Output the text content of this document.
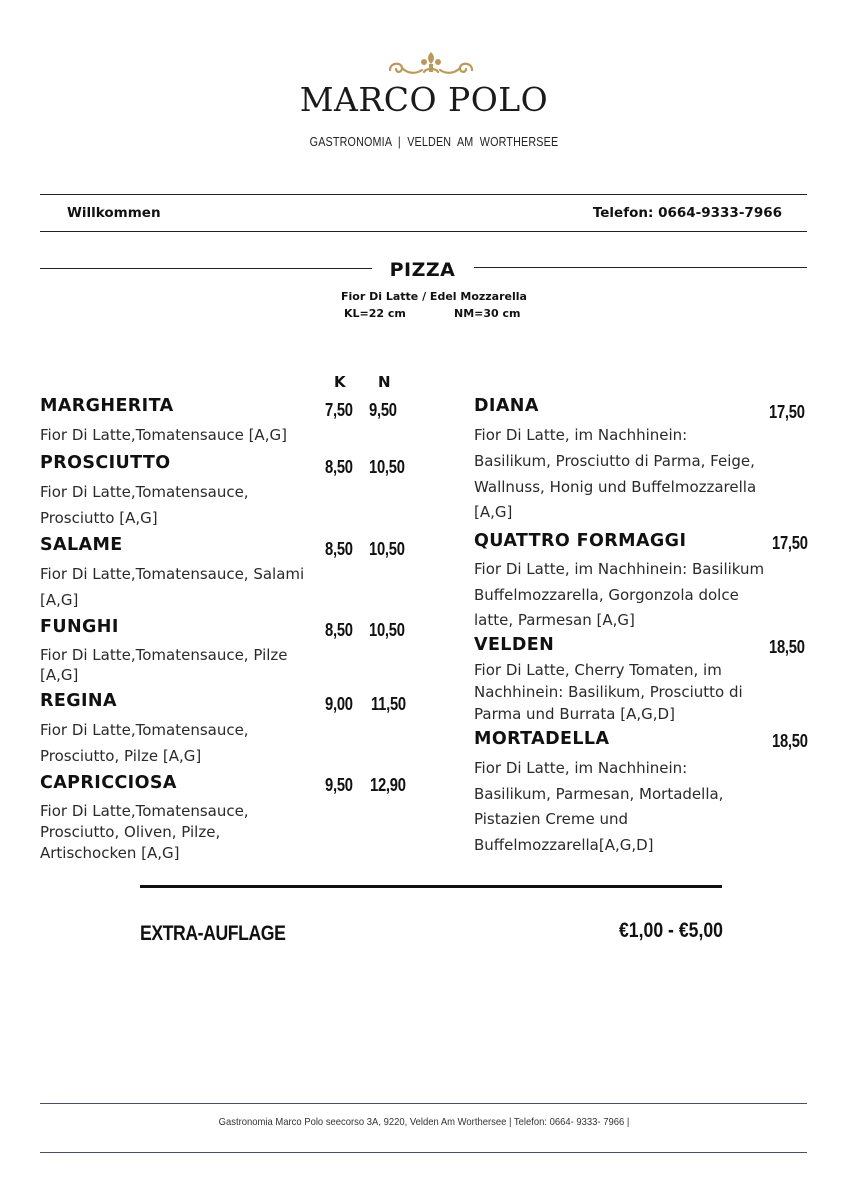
MARCO POLO
GASTRONOMIA  |  VELDEN  AM  WORTHERSEE
Willkommen	Telefon: 0664-9333-7966
PIZZA
Fior Di Latte / Edel Mozzarella
KL=22 cm	NM=30 cm
K N
MARGHERITA	7,50 9,50
Fior Di Latte,Tomatensauce [A,G]
PROSCIUTTO	8,50 10,50
Fior Di Latte,Tomatensauce,
Prosciutto [A,G]
SALAME	8,50 10,50
Fior Di Latte,Tomatensauce, Salami
[A,G]
FUNGHI	8,50 10,50
Fior Di Latte,Tomatensauce, Pilze
[A,G]
REGINA	9,00 11,50
Fior Di Latte,Tomatensauce,
Prosciutto, Pilze [A,G]
CAPRICCIOSA	9,50 12,90
Fior Di Latte,Tomatensauce,
Prosciutto, Oliven, Pilze,
Artischocken [A,G]
DIANA	17,50
Fior Di Latte, im Nachhinein:
Basilikum, Prosciutto di Parma, Feige,
Wallnuss, Honig und Buffelmozzarella
[A,G]
QUATTRO FORMAGGI	17,50
Fior Di Latte, im Nachhinein: Basilikum
Buffelmozzarella, Gorgonzola dolce
latte, Parmesan [A,G]
VELDEN	18,50
Fior Di Latte, Cherry Tomaten, im
Nachhinein: Basilikum, Prosciutto di
Parma und Burrata [A,G,D]
MORTADELLA	18,50
Fior Di Latte, im Nachhinein:
Basilikum, Parmesan, Mortadella,
Pistazien Creme und
Buffelmozzarella[A,G,D]
EXTRA-AUFLAGE	€1,00 - €5,00
Gastronomia Marco Polo seecorso 3A, 9220, Velden Am Worthersee | Telefon: 0664- 9333- 7966 |
